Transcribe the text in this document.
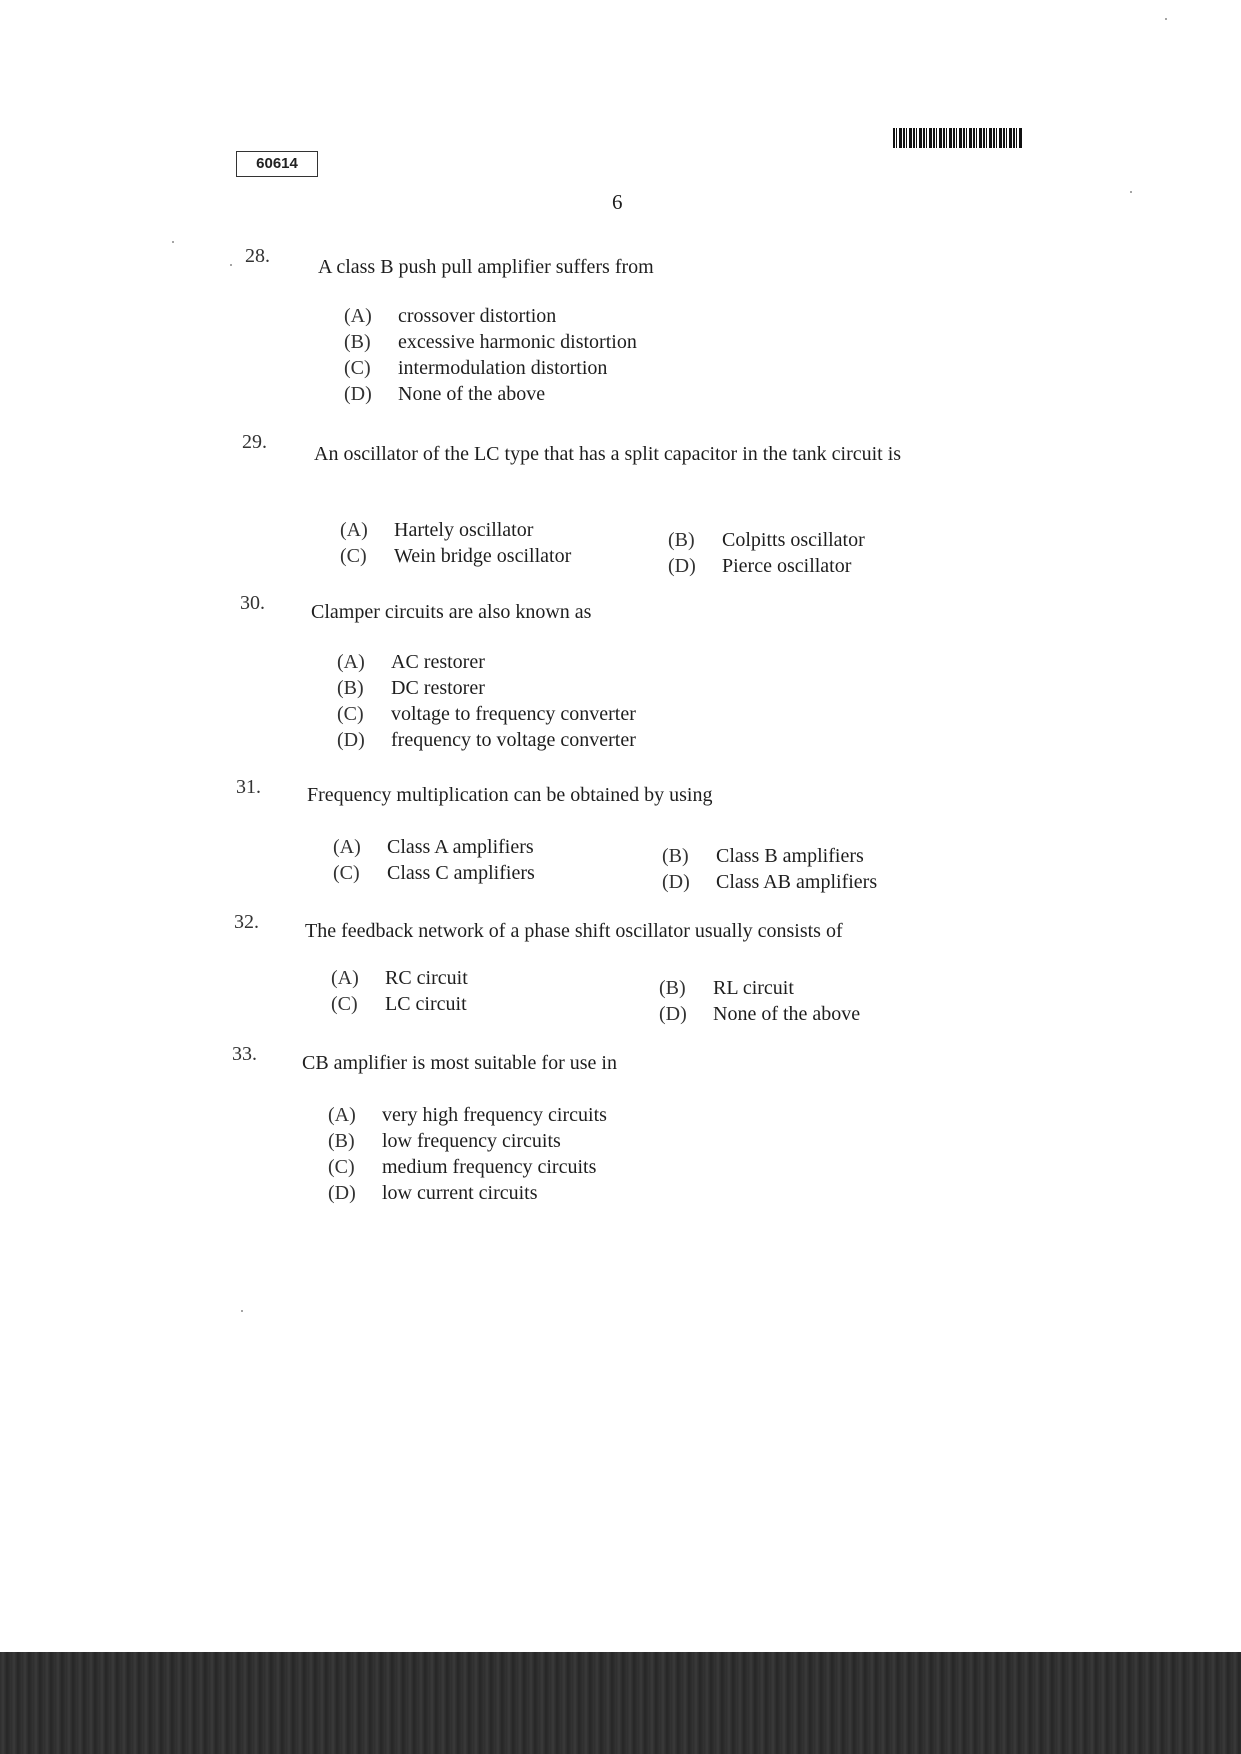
60614
6
28. A class B push pull amplifier suffers from
(A) crossover distortion
(B) excessive harmonic distortion
(C) intermodulation distortion
(D) None of the above
29.
An oscillator of the LC type that has a split capacitor in the tank circuit is
(A) Hartely oscillator	(B) Colpitts oscillator
(C) Wein bridge oscillator	(D) Pierce oscillator
30. Clamper circuits are also known as
(A) AC restorer
(B) DC restorer
(C) voltage to frequency converter
(D) frequency to voltage converter
31. Frequency multiplication can be obtained by using
(A) Class A amplifiers	(B) Class B amplifiers
(C) Class C amplifiers	(D) Class AB amplifiers
32. The feedback network of a phase shift oscillator usually consists of
(A) RC circuit	(B) RL circuit
(C) LC circuit	(D) None of the above
33. CB amplifier is most suitable for use in
(A) very high frequency circuits
(B) low frequency circuits
(C) medium frequency circuits
(D) low current circuits
